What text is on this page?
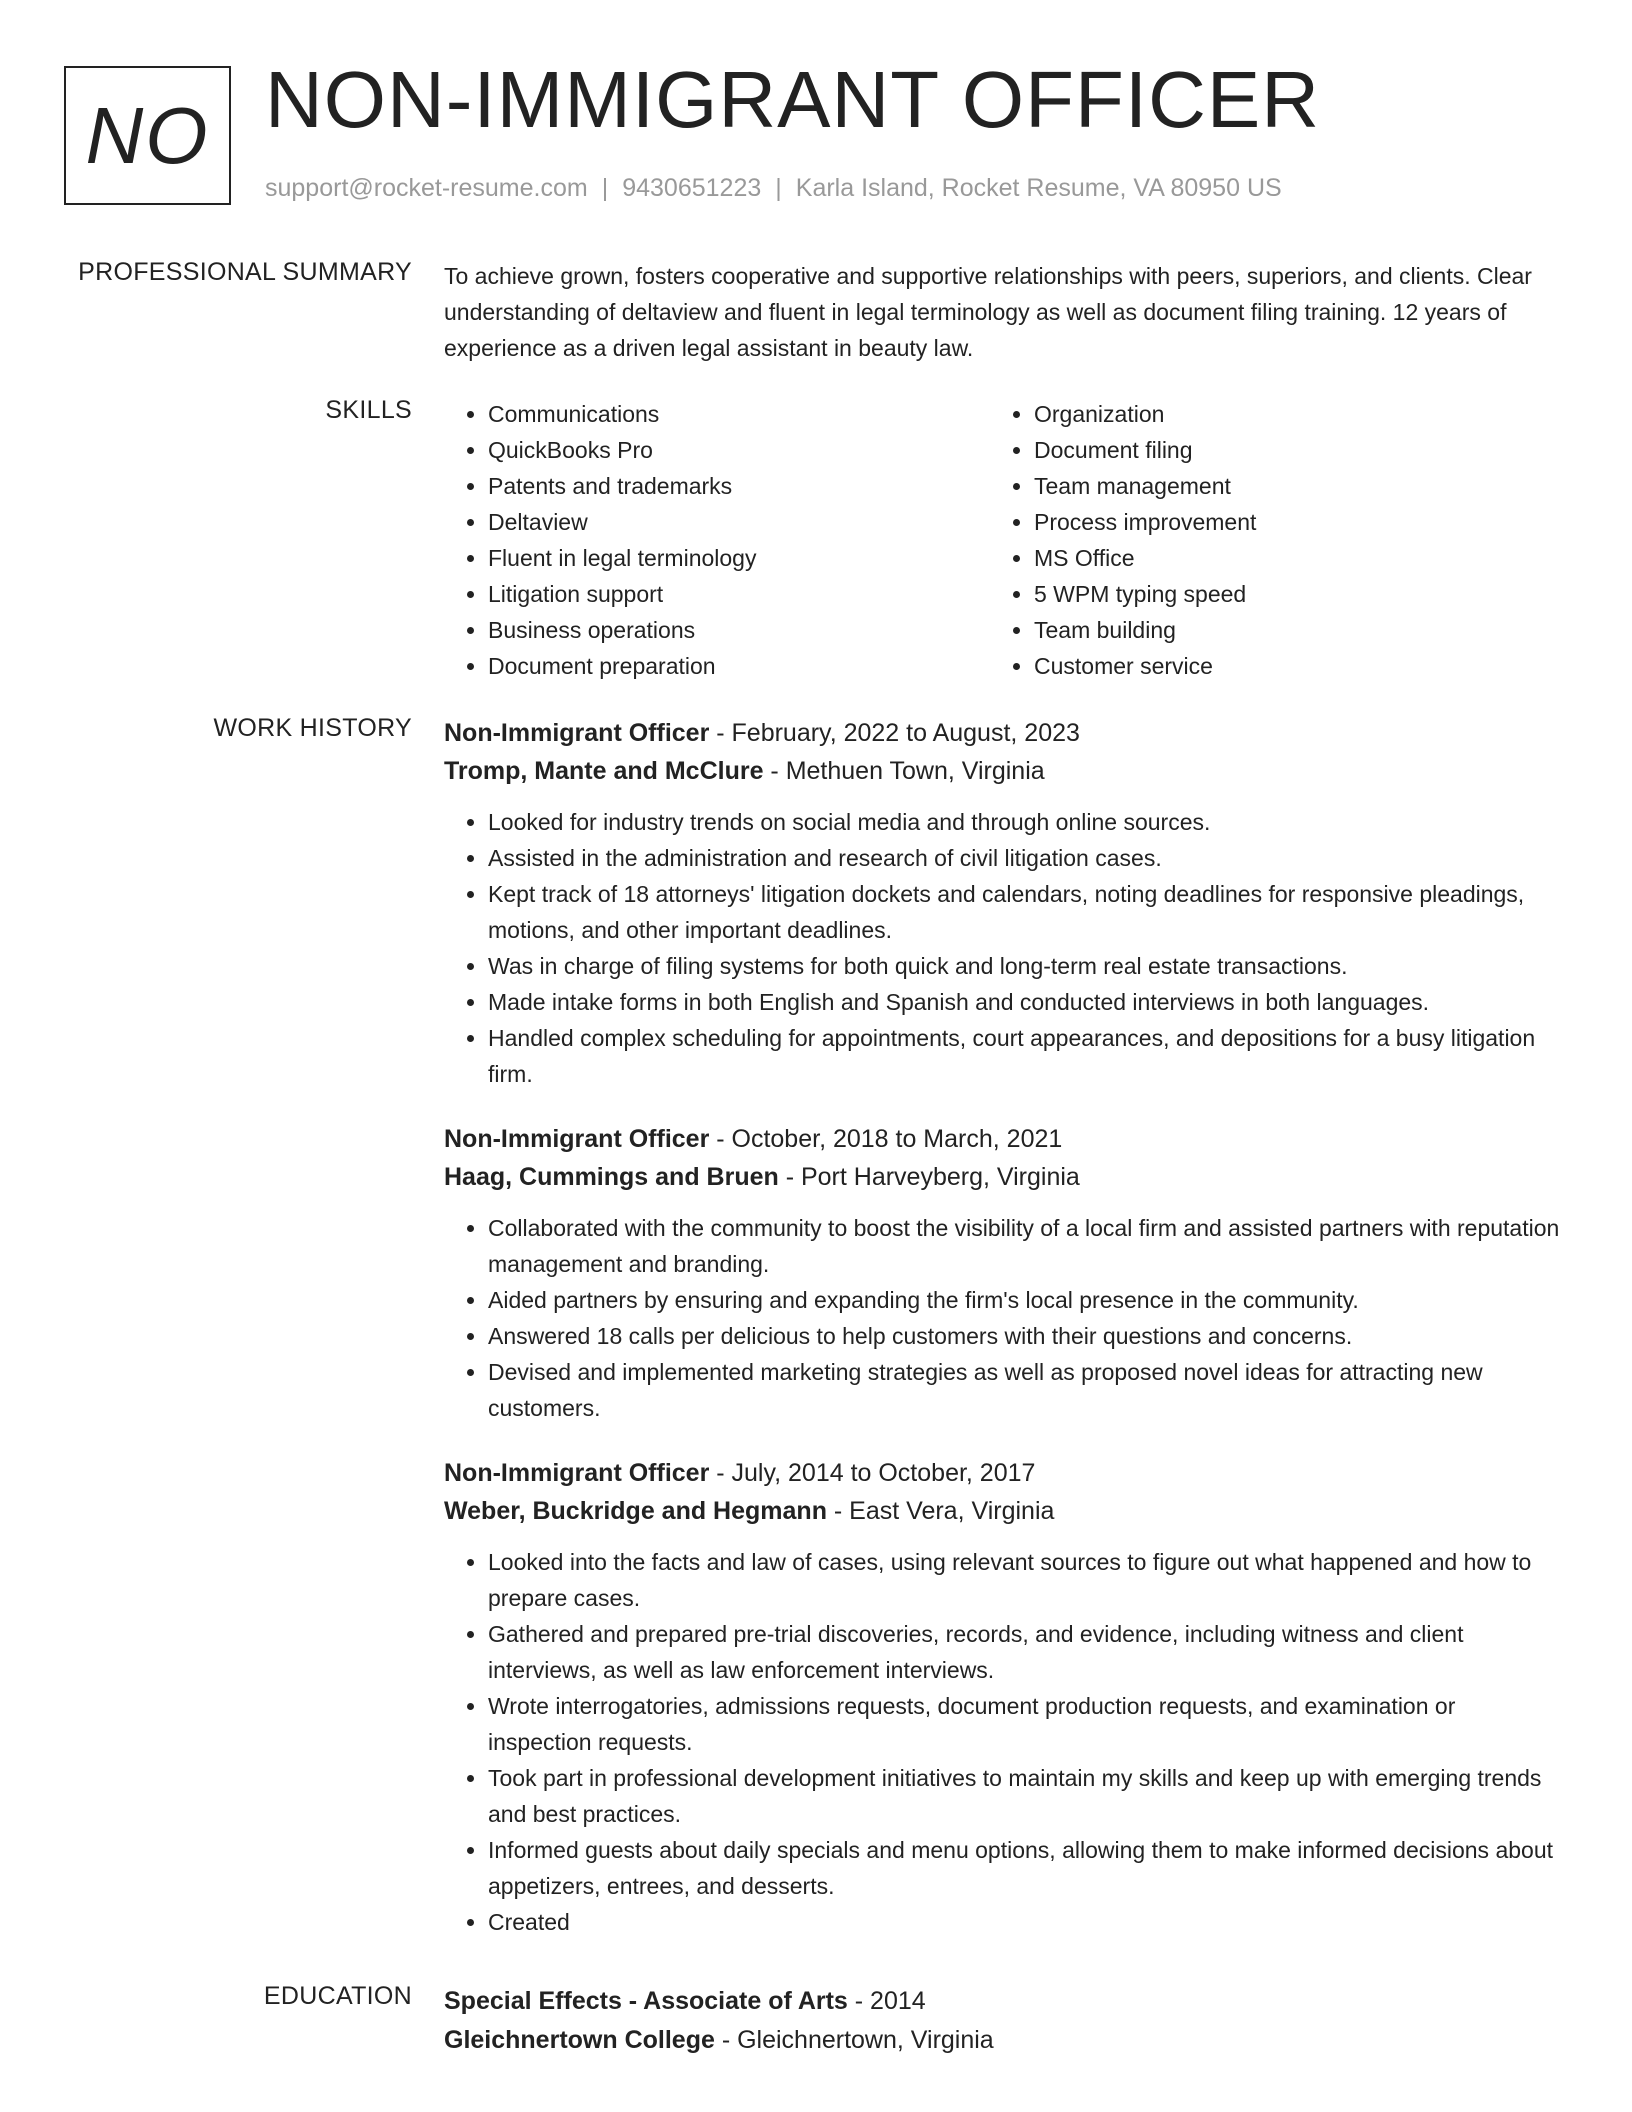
NO NON-IMMIGRANT OFFICER
support@rocket-resume.com | 9430651223 | Karla Island, Rocket Resume, VA 80950 US
PROFESSIONAL SUMMARY To achieve grown, fosters cooperative and supportive relationships with peers, superiors, and clients. Clear understanding of deltaview and fluent in legal terminology as well as document filing training. 12 years of experience as a driven legal assistant in beauty law.

SKILLS
•	Communications
• QuickBooks Pro
• Patents and trademarks
• Deltaview
• Fluent in legal terminology
• Litigation support
• Business operations
• Document preparation
• Organization
• Document filing
• Team management
• Process improvement
• MS Office
• 5 WPM typing speed
• Team building
• Customer service
WORK HISTORY Non-Immigrant Officer - February, 2022 to August, 2023

Tromp, Mante and McClure - Methuen Town, Virginia

• Looked for industry trends on social media and through online sources.
• Assisted in the administration and research of civil litigation cases.
• Kept track of 18 attorneys' litigation dockets and calendars, noting deadlines for responsive pleadings, motions, and other important deadlines.
• Was in charge of filing systems for both quick and long-term real estate transactions.
• Made intake forms in both English and Spanish and conducted interviews in both languages.
• Handled complex scheduling for appointments, court appearances, and depositions for a busy litigation firm.

Non-Immigrant Officer - October, 2018 to March, 2021

Haag, Cummings and Bruen - Port Harveyberg, Virginia

• Collaborated with the community to boost the visibility of a local firm and assisted partners with reputation management and branding.
• Aided partners by ensuring and expanding the firm's local presence in the community.
• Answered 18 calls per delicious to help customers with their questions and concerns.
• Devised and implemented marketing strategies as well as proposed novel ideas for attracting new customers.

Non-Immigrant Officer - July, 2014 to October, 2017

Weber, Buckridge and Hegmann - East Vera, Virginia

• Looked into the facts and law of cases, using relevant sources to figure out what happened and how to prepare cases.
• Gathered and prepared pre-trial discoveries, records, and evidence, including witness and client interviews, as well as law enforcement interviews.
• Wrote interrogatories, admissions requests, document production requests, and examination or inspection requests.
• Took part in professional development initiatives to maintain my skills and keep up with emerging trends and best practices.
• Informed guests about daily specials and menu options, allowing them to make informed decisions about appetizers, entrees, and desserts.
• Created
EDUCATION Special Effects - Associate of Arts - 2014

Gleichnertown College - Gleichnertown, Virginia
